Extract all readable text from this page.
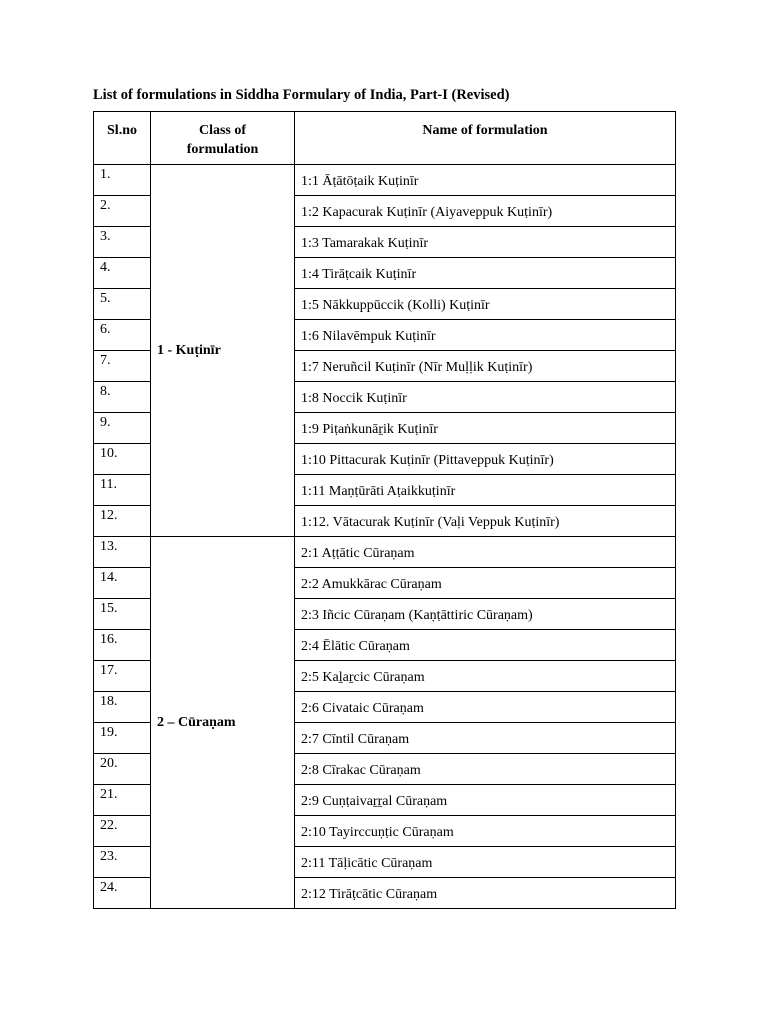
List of formulations in Siddha Formulary of India, Part-I (Revised)
Sl.no	Class of formulation	Name of formulation
1.	1 - Kuṭinīr	1:1 Āṭātōṭaik Kuṭinīr
2.		1:2 Kapacurak Kuṭinīr (Aiyaveppuk Kuṭinīr)
3.		1:3 Tamarakak Kuṭinīr
4.		1:4 Tirāṭcaik Kuṭinīr
5.		1:5 Nākkuppūccik (Kolli) Kuṭinīr
6.		1:6 Nilavēmpuk Kuṭinīr
7.		1:7 Neruñcil Kuṭinīr (Nīr Muḷḷik Kuṭinīr)
8.		1:8 Noccik Kuṭinīr
9.		1:9 Piṭaṅkunāṟik Kuṭinīr
10.		1:10 Pittacurak Kuṭinīr (Pittaveppuk Kuṭinīr)
11.		1:11 Maṇṭūrāti Aṭaikkuṭinīr
12.		1:12. Vātacurak Kuṭinīr (Vaḷi Veppuk Kuṭinīr)
13.	2 – Cūraṇam	2:1 Aṭṭātic Cūraṇam
14.		2:2 Amukkārac Cūraṇam
15.		2:3 Iñcic Cūraṇam (Kaṇṭāttiric Cūraṇam)
16.		2:4 Ēlātic Cūraṇam
17.		2:5 Kaḻaṟcic Cūraṇam
18.		2:6 Civataic Cūraṇam
19.		2:7 Cīntil Cūraṇam
20.		2:8 Cīrakac Cūraṇam
21.		2:9 Cuṇṭaivaṟṟal Cūraṇam
22.		2:10 Tayirccuṇṭic Cūraṇam
23.		2:11 Tāḷicātic Cūraṇam
24.		2:12 Tirāṭcātic Cūraṇam
